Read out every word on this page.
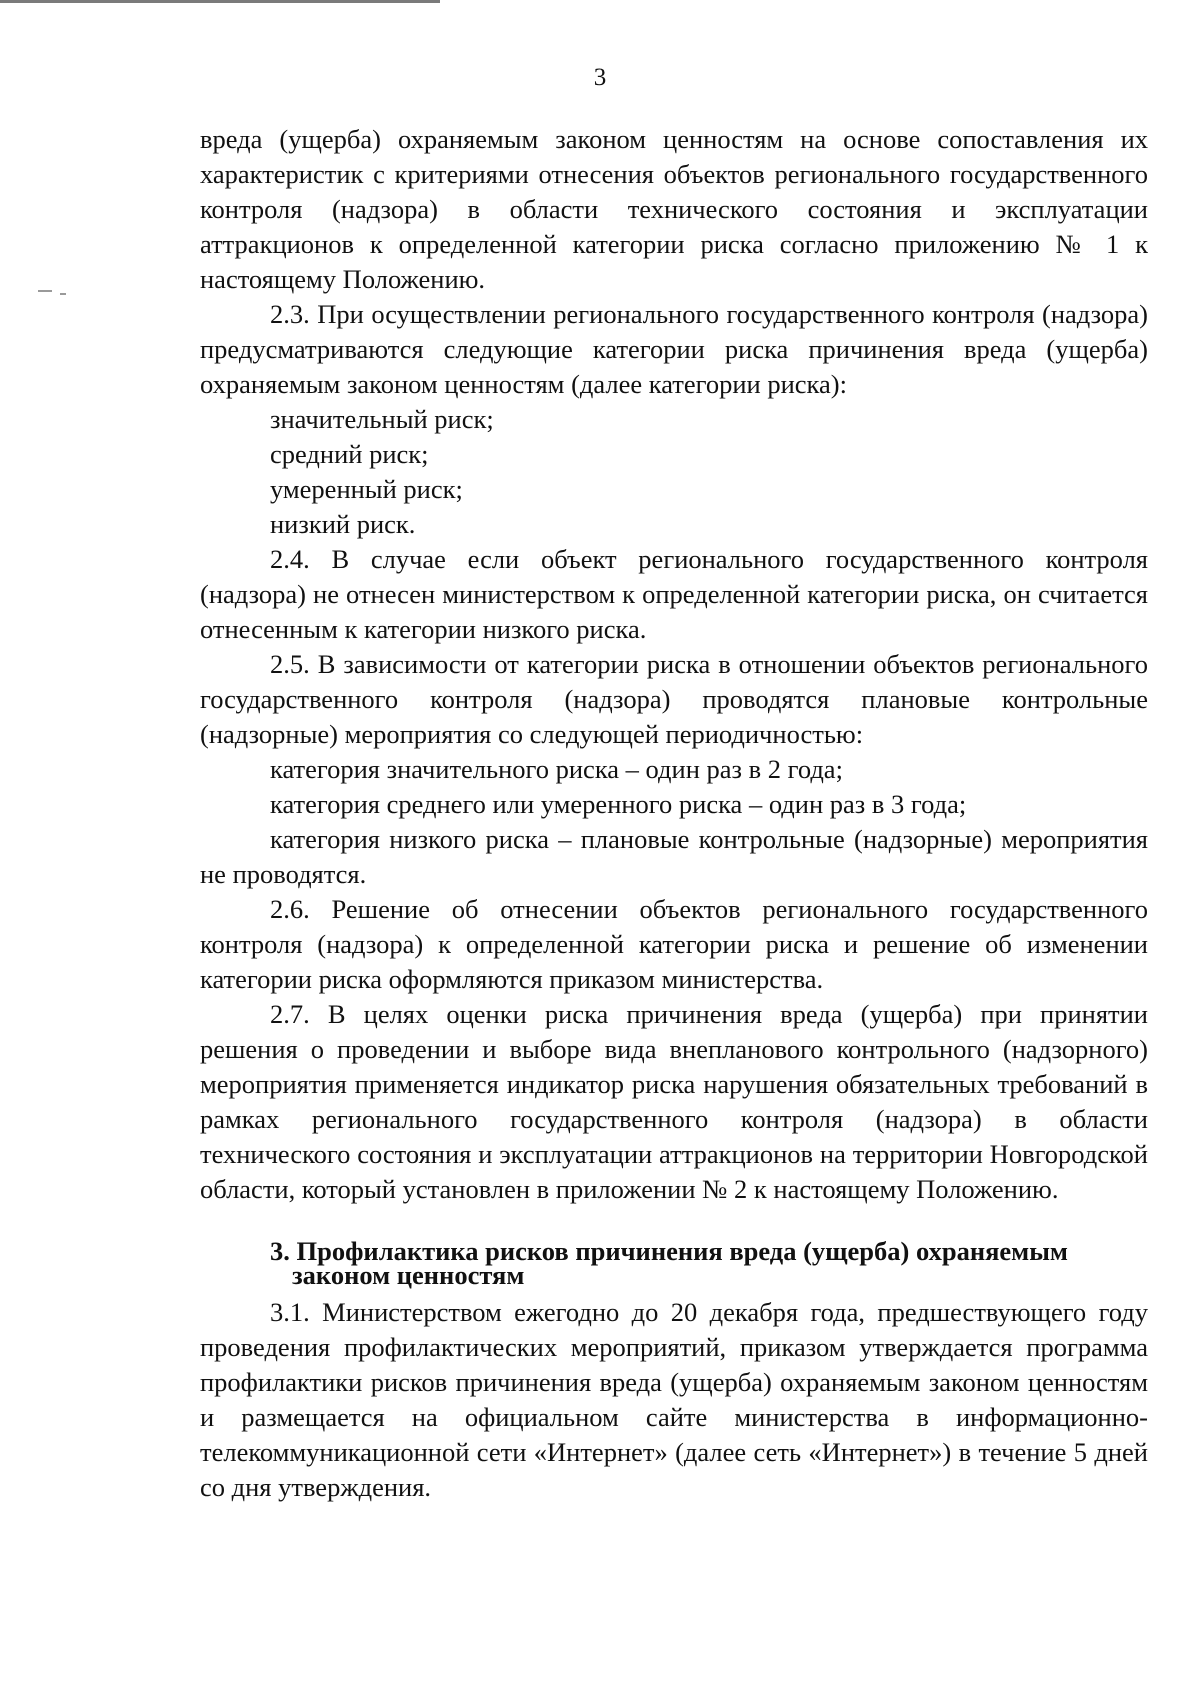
3

вреда (ущерба) охраняемым законом ценностям на основе сопоставления их характеристик с критериями отнесения объектов регионального государственного контроля (надзора) в области технического состояния и эксплуатации аттракционов к определенной категории риска согласно приложению № 1 к настоящему Положению.

2.3. При осуществлении регионального государственного контроля (надзора) предусматриваются следующие категории риска причинения вреда (ущерба) охраняемым законом ценностям (далее категории риска):

значительный риск;

средний риск;

умеренный риск;

низкий риск.

2.4. В случае если объект регионального государственного контроля (надзора) не отнесен министерством к определенной категории риска, он считается отнесенным к категории низкого риска.

2.5. В зависимости от категории риска в отношении объектов регионального государственного контроля (надзора) проводятся плановые контрольные (надзорные) мероприятия со следующей периодичностью:

категория значительного риска – один раз в 2 года;

категория среднего или умеренного риска – один раз в 3 года;

категория низкого риска – плановые контрольные (надзорные) мероприятия не проводятся.

2.6. Решение об отнесении объектов регионального государственного контроля (надзора) к определенной категории риска и решение об изменении категории риска оформляются приказом министерства.

2.7. В целях оценки риска причинения вреда (ущерба) при принятии решения о проведении и выборе вида внепланового контрольного (надзорного) мероприятия применяется индикатор риска нарушения обязательных требований в рамках регионального государственного контроля (надзора) в области технического состояния и эксплуатации аттракционов на территории Новгородской области, который установлен в приложении № 2 к настоящему Положению.

3. Профилактика рисков причинения вреда (ущерба) охраняемым
законом ценностям

3.1. Министерством ежегодно до 20 декабря года, предшествующего году проведения профилактических мероприятий, приказом утверждается программа профилактики рисков причинения вреда (ущерба) охраняемым законом ценностям и размещается на официальном сайте министерства в информационно-телекоммуникационной сети «Интернет» (далее сеть «Интернет») в течение 5 дней со дня утверждения.
